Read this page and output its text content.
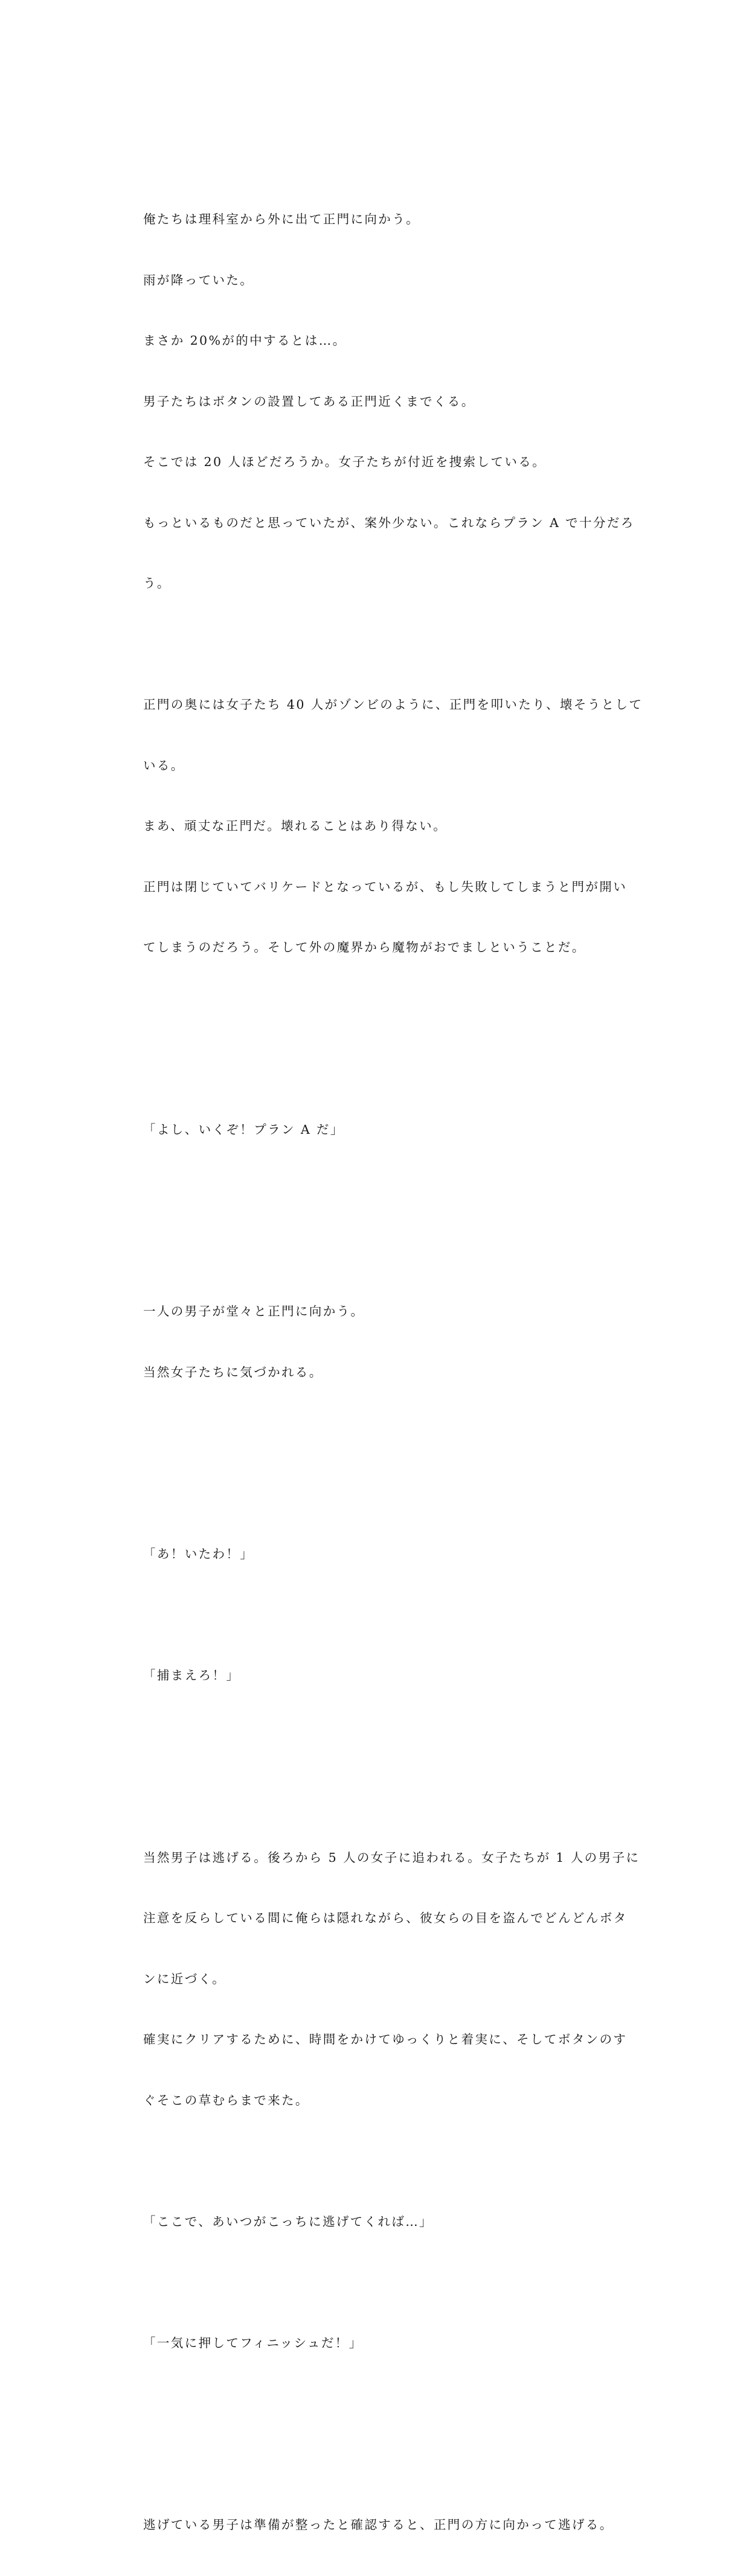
俺たちは理科室から外に出て正門に向かう。

雨が降っていた。

まさか 20%が的中するとは…。

男子たちはボタンの設置してある正門近くまでくる。

そこでは 20 人ほどだろうか。女子たちが付近を捜索している。

もっといるものだと思っていたが、案外少ない。これならプラン A で十分だろ

う。

正門の奥には女子たち 40 人がゾンビのように、正門を叩いたり、壊そうとして

いる。

まあ、頑丈な正門だ。壊れることはあり得ない。

正門は閉じていてバリケードとなっているが、もし失敗してしまうと門が開い

てしまうのだろう。そして外の魔界から魔物がおでましということだ。

「よし、いくぞ！プラン A だ」

一人の男子が堂々と正門に向かう。

当然女子たちに気づかれる。

「あ！いたわ！」

「捕まえろ！」

当然男子は逃げる。後ろから 5 人の女子に追われる。女子たちが 1 人の男子に

注意を反らしている間に俺らは隠れながら、彼女らの目を盗んでどんどんボタ

ンに近づく。

確実にクリアするために、時間をかけてゆっくりと着実に、そしてボタンのす

ぐそこの草むらまで来た。

「ここで、あいつがこっちに逃げてくれば…」

「一気に押してフィニッシュだ！」

逃げている男子は準備が整ったと確認すると、正門の方に向かって逃げる。
